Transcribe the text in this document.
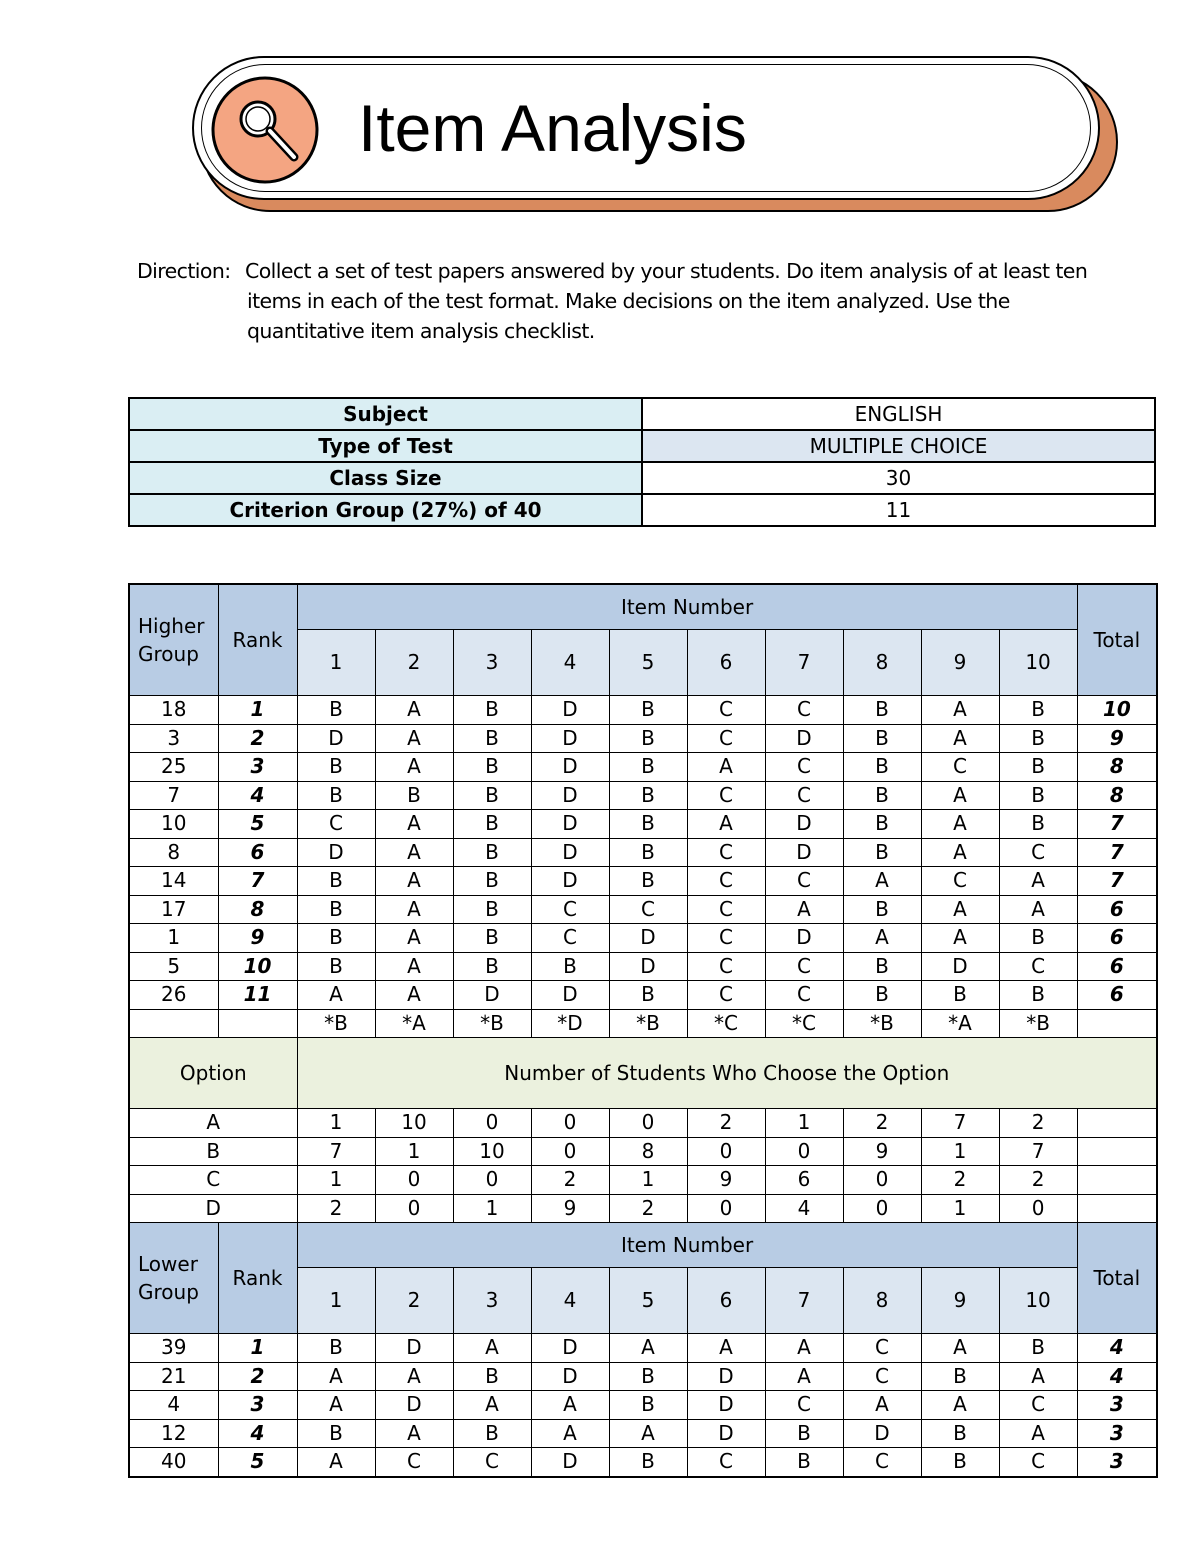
Item Analysis
Direction: Collect a set of test papers answered by your students. Do item analysis of at least ten
items in each of the test format. Make decisions on the item analyzed. Use the
quantitative item analysis checklist.
Subject	ENGLISH
Type of Test	MULTIPLE CHOICE
Class Size	30
Criterion Group (27%) of 40	11
Higher Group	Rank	Item Number										Total
		1	2	3	4	5	6	7	8	9	10	
18	1	B	A	B	D	B	C	C	B	A	B	10
3	2	D	A	B	D	B	C	D	B	A	B	9
25	3	B	A	B	D	B	A	C	B	C	B	8
7	4	B	B	B	D	B	C	C	B	A	B	8
10	5	C	A	B	D	B	A	D	B	A	B	7
8	6	D	A	B	D	B	C	D	B	A	C	7
14	7	B	A	B	D	B	C	C	A	C	A	7
17	8	B	A	B	C	C	C	A	B	A	A	6
1	9	B	A	B	C	D	C	D	A	A	B	6
5	10	B	A	B	B	D	C	C	B	D	C	6
26	11	A	A	D	D	B	C	C	B	B	B	6
		*B	*A	*B	*D	*B	*C	*C	*B	*A	*B	
Option		Number of Students Who Choose the Option										
A		1	10	0	0	0	2	1	2	7	2	
B		7	1	10	0	8	0	0	9	1	7	
C		1	0	0	2	1	9	6	0	2	2	
D		2	0	1	9	2	0	4	0	1	0	
Lower Group	Rank	Item Number										Total
		1	2	3	4	5	6	7	8	9	10	
39	1	B	D	A	D	A	A	A	C	A	B	4
21	2	A	A	B	D	B	D	A	C	B	A	4
4	3	A	D	A	A	B	D	C	A	A	C	3
12	4	B	A	B	A	A	D	B	D	B	A	3
40	5	A	C	C	D	B	C	B	C	B	C	3
